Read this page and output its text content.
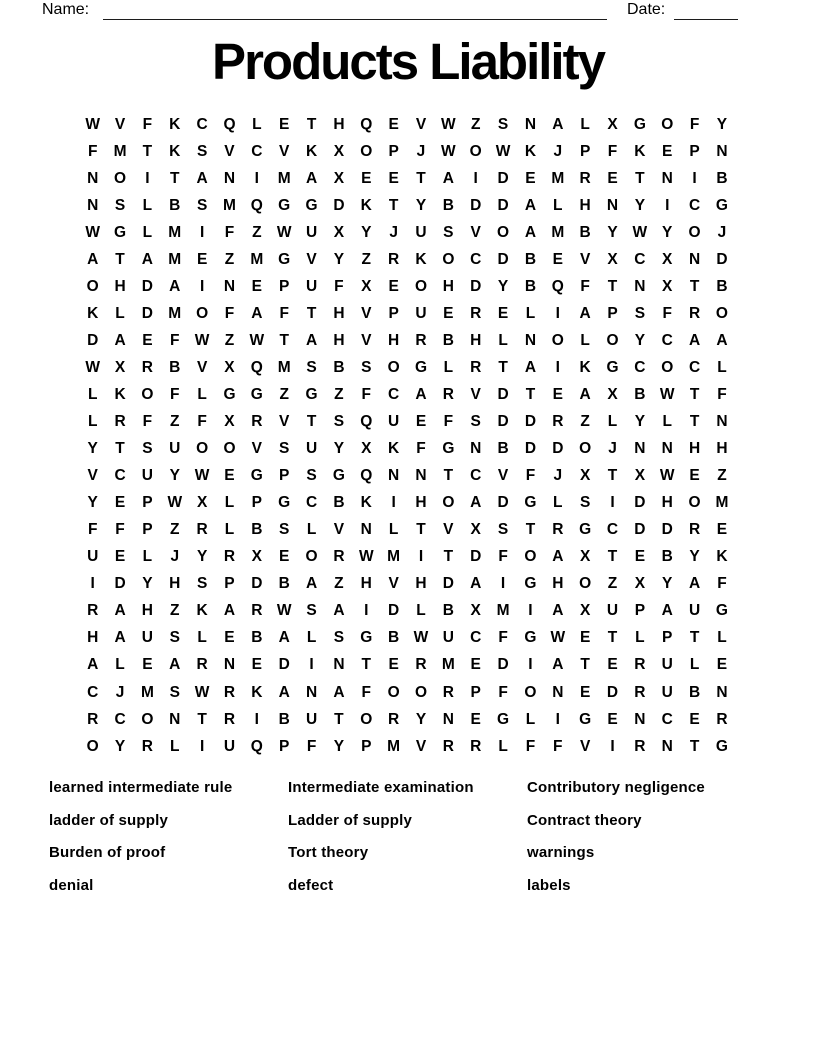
Name:	Date:
Products Liability
W V	F	K	C	Q	L	E	T	H	Q	E	V W Z	S	N	A	L	X	G O	F	Y
F	M	T	K	S	V	C	V	K	X	O	P	J	W O W K	J	P	F	K	E	P	N
N	O	I	T	A	N	I	M A	X	E	E	T	A	I	D	E	M R	E	T	N	I	B
N	S	L	B	S	M Q G G	D	K	T	Y	B	D	D	A	L	H	N	Y	I	C	G
W G	L	M	I	F	Z W U	X	Y	J	U	S	V	O	A M B	Y W Y	O	J
A	T	A M	E	Z	M G	V	Y	Z	R	K	O	C	D	B	E	V	X	C	X	N	D
O	H	D	A	I	N	E	P	U	F	X	E	O	H	D	Y	B	Q	F	T	N	X	T	B
K	L	D M O	F	A	F	T	H	V	P	U	E	R	E	L	I	A	P	S	F	R	O
D	A	E	F W Z W T	A	H	V	H	R	B	H	L	N	O	L	O	Y	C	A	A
W X	R	B	V	X	Q M	S	B	S	O G	L	R	T	A	I	K	G	C	O	C	L
L	K	O	F	L	G G	Z	G	Z	F	C	A	R	V	D	T	E	A	X	B W T	F
L	R	F	Z	F	X	R	V	T	S	Q	U	E	F	S	D	D	R	Z	L	Y	L	T	N
Y	T	S	U	O O	V	S	U	Y	X	K	F	G	N	B	D	D	O	J	N	N	H	H
V	C	U	Y W E	G	P	S	G Q	N	N	T	C	V	F	J	X	T	X W E	Z
Y	E	P W X	L	P	G	C	B	K	I	H	O	A	D	G	L	S	I	D	H	O M
F	F	P	Z	R	L	B	S	L	V	N	L	T	V	X	S	T	R	G	C	D	D	R	E
U	E	L	J	Y	R	X	E	O	R W M	I	T	D	F	O	A	X	T	E	B	Y	K
I	D	Y	H	S	P	D	B	A	Z	H	V	H	D	A	I	G	H	O	Z	X	Y	A	F
R	A	H	Z	K	A	R W S	A	I	D	L	B	X	M	I	A	X	U	P	A	U	G
H	A	U	S	L	E	B	A	L	S	G	B W U	C	F	G W E	T	L	P	T	L
A	L	E	A	R	N	E	D	I	N	T	E	R M	E	D	I	A	T	E	R	U	L	E
C	J	M	S W R	K	A	N	A	F	O O	R	P	F	O	N	E	D	R	U	B	N
R	C	O	N	T	R	I	B	U	T	O	R	Y	N	E	G	L	I	G	E	N	C	E	R
O	Y	R	L	I	U	Q	P	F	Y	P	M	V	R	R	L	F	F	V	I	R	N	T	G
learned intermediate rule
ladder of supply
Burden of proof
denial
Intermediate examination
Ladder of supply
Tort theory
defect
Contributory negligence
Contract theory
warnings
labels
